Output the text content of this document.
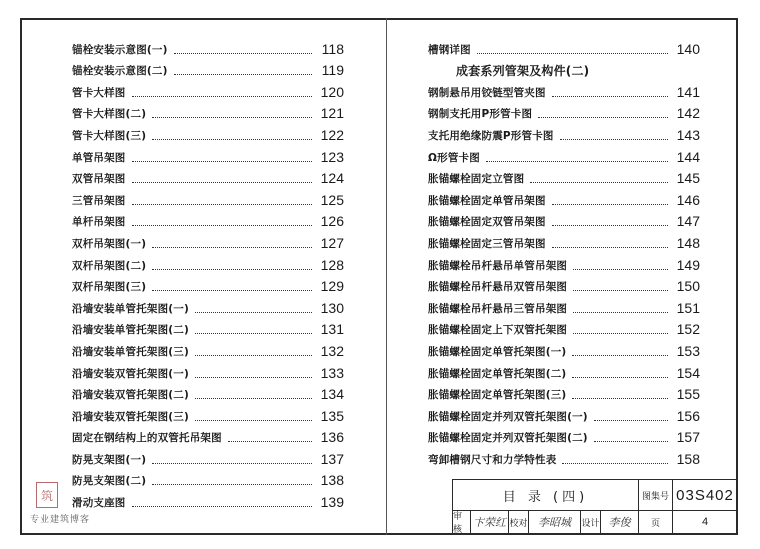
锚栓安装示意图(一)	118
锚栓安装示意图(二)	119
管卡大样图	120
管卡大样图(二)	121
管卡大样图(三)	122
单管吊架图	123
双管吊架图	124
三管吊架图	125
单杆吊架图	126
双杆吊架图(一)	127
双杆吊架图(二)	128
双杆吊架图(三)	129
沿墙安装单管托架图(一)	130
沿墙安装单管托架图(二)	131
沿墙安装单管托架图(三)	132
沿墙安装双管托架图(一)	133
沿墙安装双管托架图(二)	134
沿墙安装双管托架图(三)	135
固定在钢结构上的双管托吊架图	136
防晃支架图(一)	137
防晃支架图(二)	138
滑动支座图	139
槽钢详图	140
成套系列管架及构件(二)
钢制悬吊用铰链型管夹图	141
钢制支托用P形管卡图	142
支托用绝缘防震P形管卡图	143
Ω形管卡图	144
胀锚螺栓固定立管图	145
胀锚螺栓固定单管吊架图	146
胀锚螺栓固定双管吊架图	147
胀锚螺栓固定三管吊架图	148
胀锚螺栓吊杆悬吊单管吊架图	149
胀锚螺栓吊杆悬吊双管吊架图	150
胀锚螺栓吊杆悬吊三管吊架图	151
胀锚螺栓固定上下双管托架图	152
胀锚螺栓固定单管托架图(一)	153
胀锚螺栓固定单管托架图(二)	154
胀锚螺栓固定单管托架图(三)	155
胀锚螺栓固定并列双管托架图(一)	156
胀锚螺栓固定并列双管托架图(二)	157
弯卸槽钢尺寸和力学特性表	158
目 录 (四)	图集号 03S402
审核
卞荣红 校对 李昭城	设计 李俊	页	4
筑
专业建筑博客
